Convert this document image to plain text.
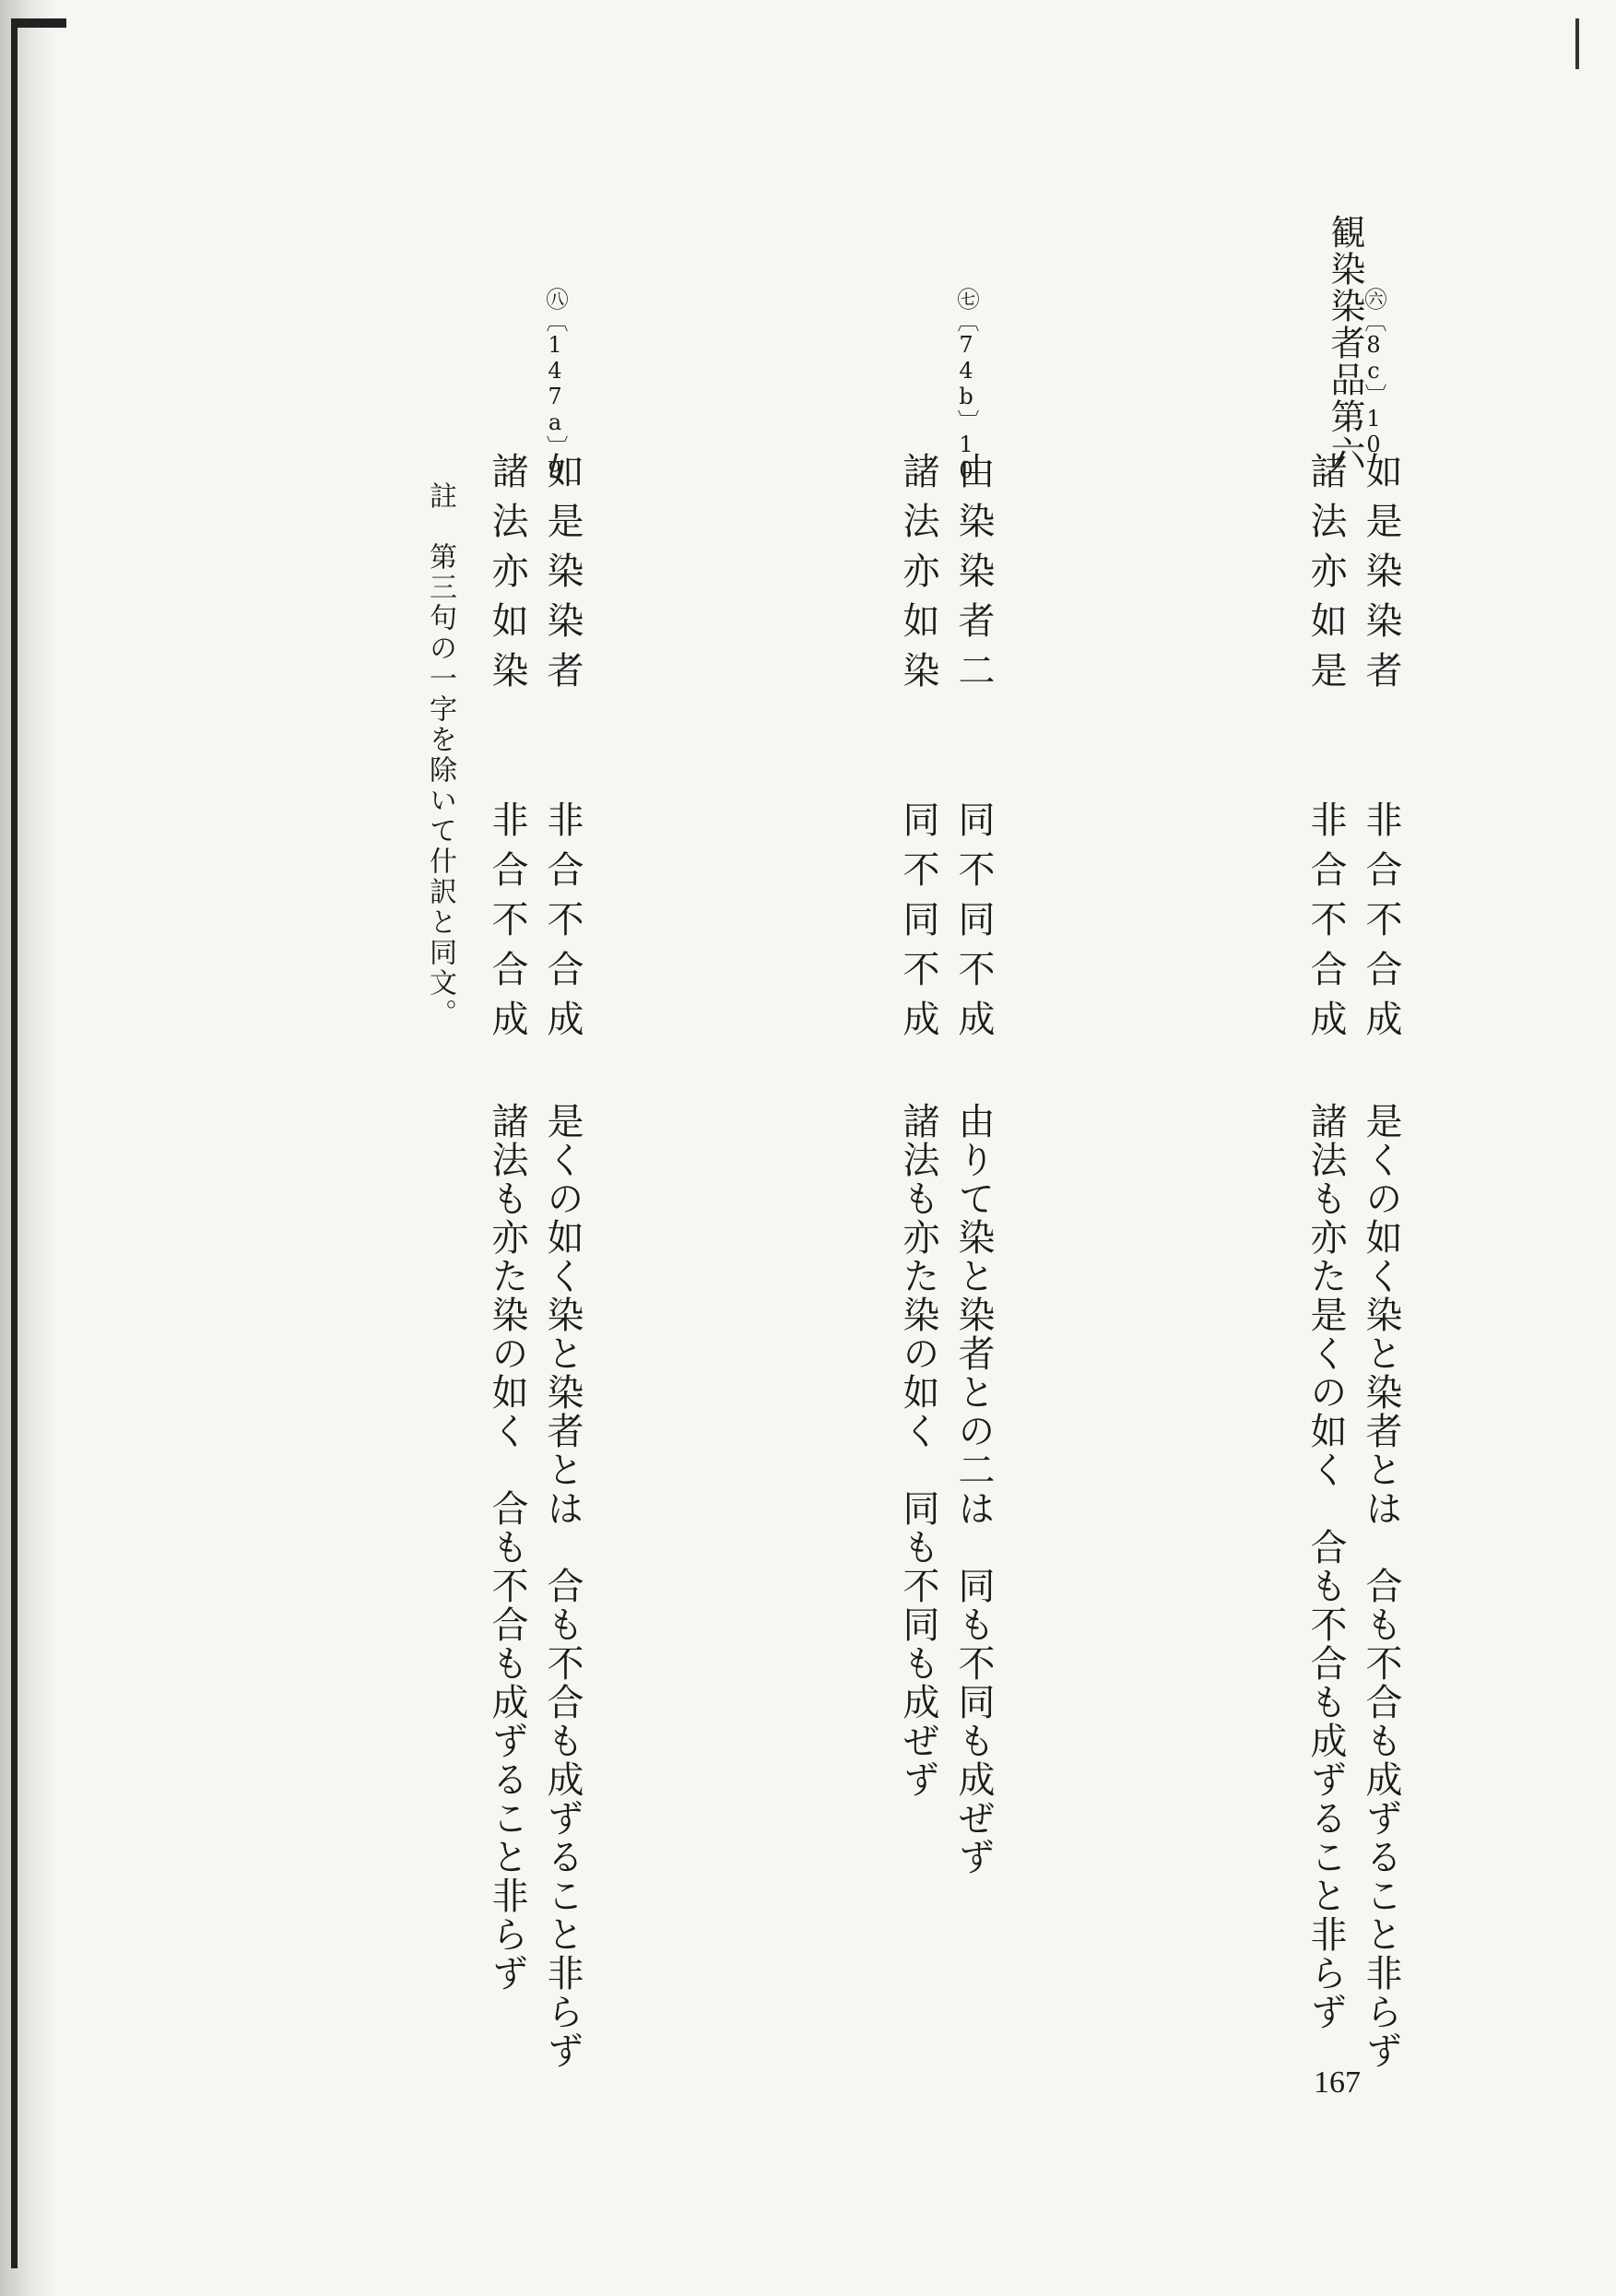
観染染者品第六
㊅〔8c〕10
如是染染者　　非合不合成
諸法亦如是　　非合不合成
是くの如く染と染者とは　合も不合も成ずること非らず
諸法も亦た是くの如く　合も不合も成ずること非らず
㊆〔74b〕10
由染染者二　　同不同不成
諸法亦如染　　同不同不成
由りて染と染者との二は　同も不同も成ぜず
諸法も亦た染の如く　同も不同も成ぜず
㊇〔147a〕9
如是染染者　　非合不合成
諸法亦如染　　非合不合成
是くの如く染と染者とは　合も不合も成ずること非らず
諸法も亦た染の如く　合も不合も成ずること非らず
註　第三句の一字を除いて什訳と同文。
167
